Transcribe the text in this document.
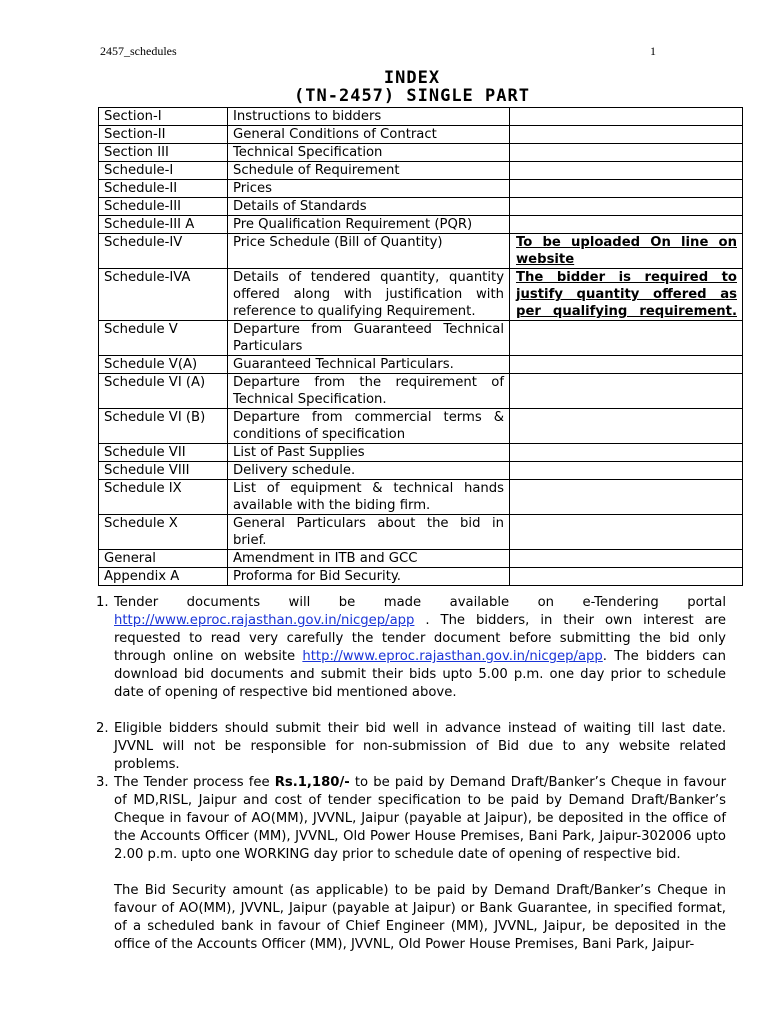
2457_schedules	1
INDEX
(TN-2457) SINGLE PART
Section-I	Instructions to bidders	
Section-II	General Conditions of Contract	
Section III	Technical Specification	
Schedule-I	Schedule of Requirement	
Schedule-II	Prices	
Schedule-III	Details of Standards	
Schedule-III A	Pre Qualification Requirement (PQR)	
Schedule-IV	Price Schedule (Bill of Quantity)	To be uploaded On line on website
Schedule-IVA	Details of tendered quantity, quantity offered along with justification with reference to qualifying Requirement.	The bidder is required to justify quantity offered as per qualifying requirement.
Schedule V	Departure from Guaranteed Technical Particulars	
Schedule V(A)	Guaranteed Technical Particulars.	
Schedule VI (A)	Departure from the requirement of Technical Specification.	
Schedule VI (B)	Departure from commercial terms & conditions of specification	
Schedule VII	List of Past Supplies	
Schedule VIII	Delivery schedule.	
Schedule IX	List of equipment & technical hands available with the biding firm.	
Schedule X	General Particulars about the bid in brief.	
General	Amendment in ITB and GCC	
Appendix A	Proforma for Bid Security.	
1. Tender documents will be made available on e-Tendering portal
http://www.eproc.rajasthan.gov.in/nicgep/app . The bidders, in their own interest are requested to read very carefully the tender document before submitting the bid only through online on website http://www.eproc.rajasthan.gov.in/nicgep/app. The bidders can download bid documents and submit their bids upto 5.00 p.m. one day prior to schedule date of opening of respective bid mentioned above.
2. Eligible bidders should submit their bid well in advance instead of waiting till last date. JVVNL will not be responsible for non-submission of Bid due to any website related problems.
3. The Tender process fee Rs.1,180/- to be paid by Demand Draft/Banker’s Cheque in favour of MD,RISL, Jaipur and cost of tender specification to be paid by Demand Draft/Banker’s Cheque in favour of AO(MM), JVVNL, Jaipur (payable at Jaipur), be deposited in the office of the Accounts Officer (MM), JVVNL, Old Power House Premises, Bani Park, Jaipur-302006 upto 2.00 p.m. upto one WORKING day prior to schedule date of opening of respective bid.
The Bid Security amount (as applicable) to be paid by Demand Draft/Banker’s Cheque in favour of AO(MM), JVVNL, Jaipur (payable at Jaipur) or Bank Guarantee, in specified format, of a scheduled bank in favour of Chief Engineer (MM), JVVNL, Jaipur, be deposited in the office of the Accounts Officer (MM), JVVNL, Old Power House Premises, Bani Park, Jaipur-
